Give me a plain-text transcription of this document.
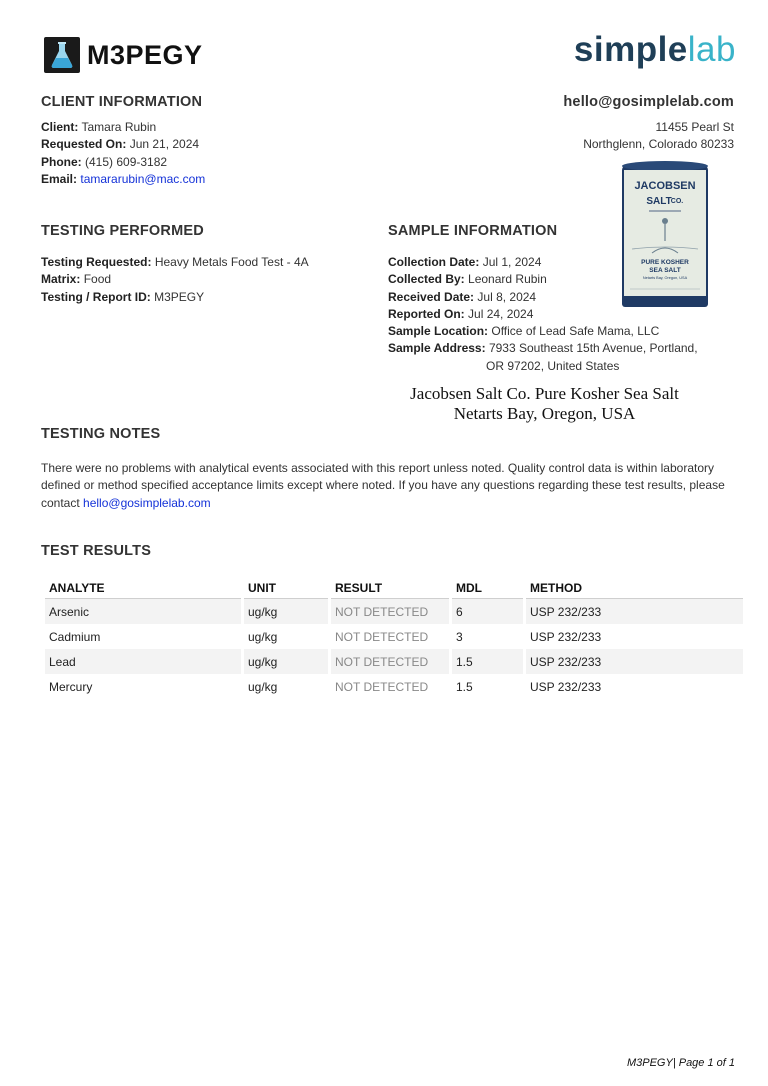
M3PEGY	simplelab
CLIENT INFORMATION
Client: Tamara Rubin
Requested On: Jun 21, 2024
Phone: (415) 609-3182
Email: tamararubin@mac.com
hello@gosimplelab.com
11455 Pearl St
Northglenn, Colorado 80233
JACOBSEN
SALT CO.
PURE KOSHER
SEA SALT
Netarts Bay, Oregon, USA
TESTING PERFORMED
Testing Requested: Heavy Metals Food Test - 4A
Matrix: Food
Testing / Report ID: M3PEGY
SAMPLE INFORMATION
Collection Date: Jul 1, 2024
Collected By: Leonard Rubin
Received Date: Jul 8, 2024
Reported On: Jul 24, 2024
Sample Location: Office of Lead Safe Mama, LLC
Sample Address: 7933 Southeast 15th Avenue, Portland,
OR 97202, United States
Jacobsen Salt Co. Pure Kosher Sea Salt
Netarts Bay, Oregon, USA
TESTING NOTES
There were no problems with analytical events associated with this report unless noted. Quality control data is within laboratory defined or method specified acceptance limits except where noted. If you have any questions regarding these test results, please contact hello@gosimplelab.com
TEST RESULTS
ANALYTE	UNIT	RESULT	MDL	METHOD
Arsenic	ug/kg	NOT DETECTED	6	USP 232/233
Cadmium	ug/kg	NOT DETECTED	3	USP 232/233
Lead	ug/kg	NOT DETECTED	1.5	USP 232/233
Mercury	ug/kg	NOT DETECTED	1.5	USP 232/233
M3PEGY| Page 1 of 1
